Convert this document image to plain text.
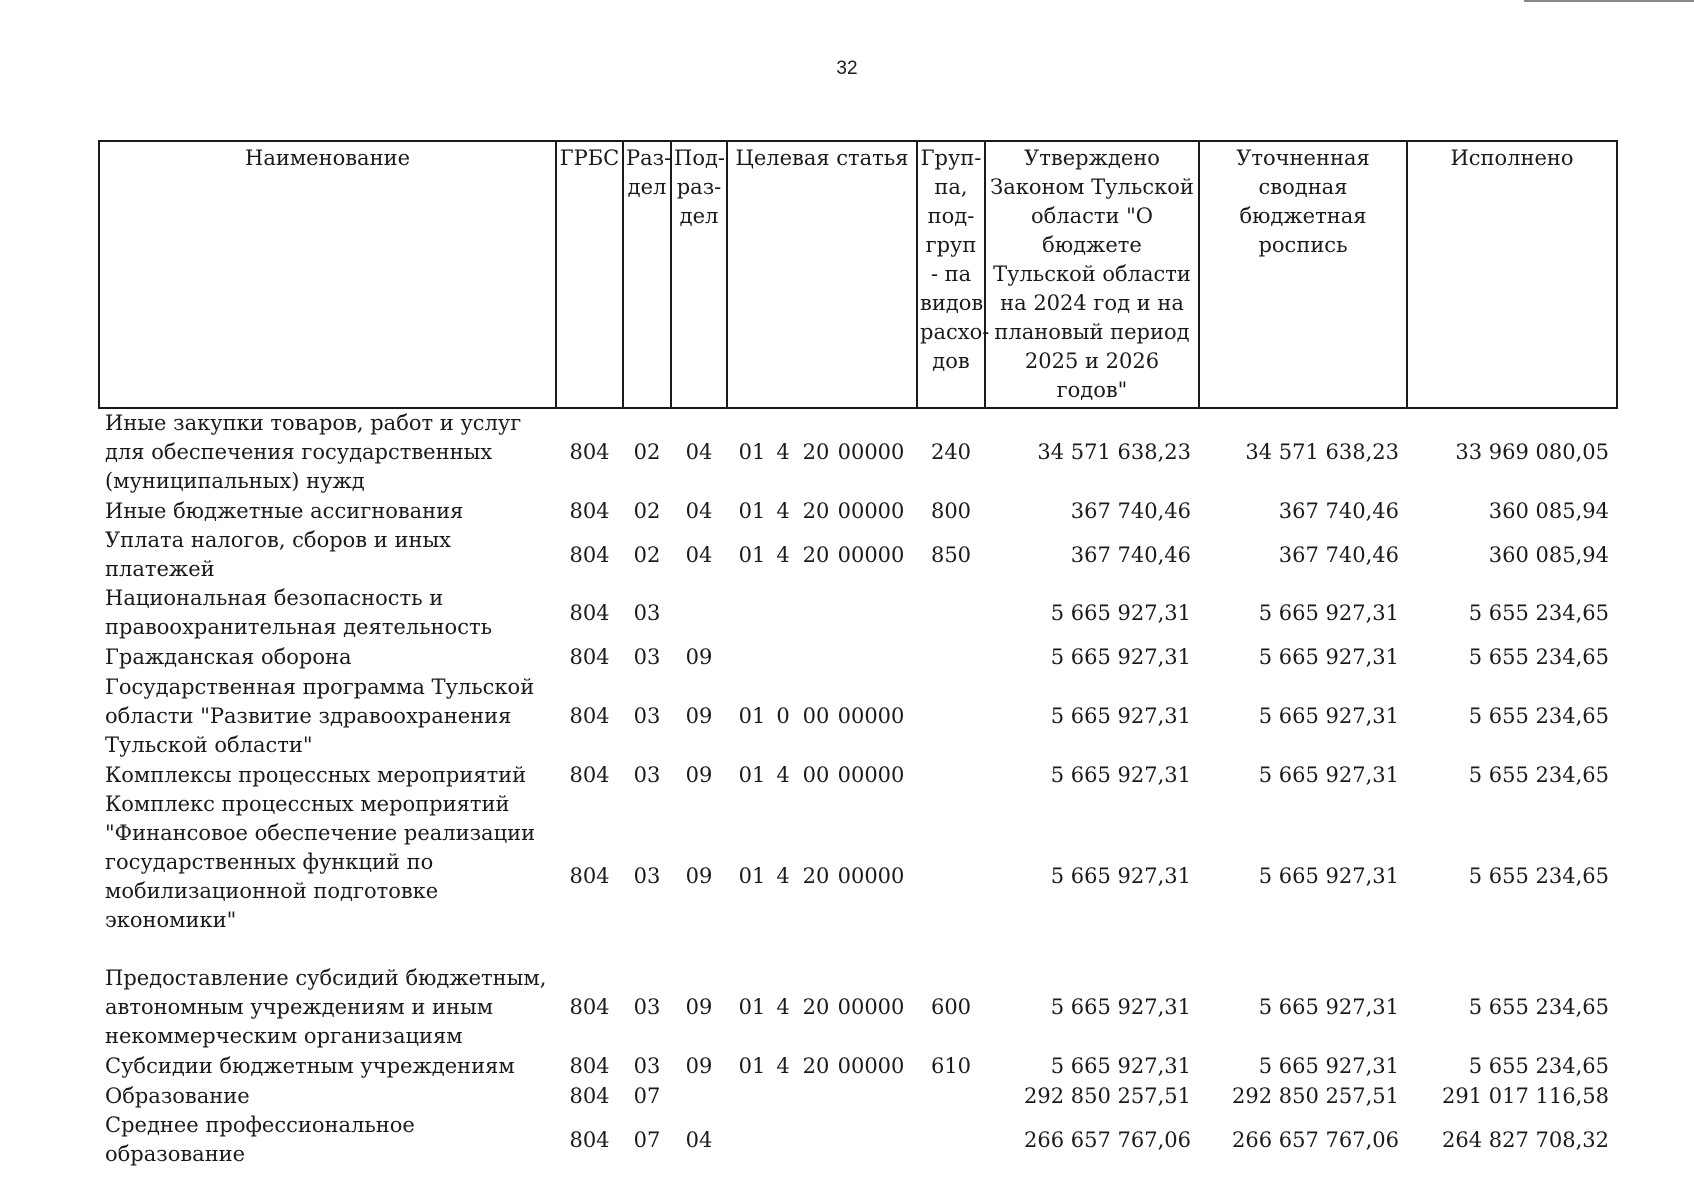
32
Наименование	ГРБС	Раз- дел	Под- раз- дел	Целевая статья	Груп- па, под- груп - па видов расхо- дов	Утверждено Законом Тульской области "О бюджете Тульской области на 2024 год и на плановый период 2025 и 2026 годов"	Уточненная сводная бюджетная роспись	Исполнено
Иные закупки товаров, работ и услуг для обеспечения государственных (муниципальных) нужд	804	02	04	01 4 20 00000	240	34 571 638,23	34 571 638,23	33 969 080,05
Иные бюджетные ассигнования	804	02	04	01 4 20 00000	800	367 740,46	367 740,46	360 085,94
Уплата налогов, сборов и иных платежей	804	02	04	01 4 20 00000	850	367 740,46	367 740,46	360 085,94
Национальная безопасность и правоохранительная деятельность	804	03				5 665 927,31	5 665 927,31	5 655 234,65
Гражданская оборона	804	03	09			5 665 927,31	5 665 927,31	5 655 234,65
Государственная программа Тульской области "Развитие здравоохранения Тульской области"	804	03	09	01 0 00 00000		5 665 927,31	5 665 927,31	5 655 234,65
Комплексы процессных мероприятий	804	03	09	01 4 00 00000		5 665 927,31	5 665 927,31	5 655 234,65
Комплекс процессных мероприятий "Финансовое обеспечение реализации государственных функций по мобилизационной подготовке экономики"	804	03	09	01 4 20 00000		5 665 927,31	5 665 927,31	5 655 234,65
Предоставление субсидий бюджетным, автономным учреждениям и иным некоммерческим организациям	804	03	09	01 4 20 00000	600	5 665 927,31	5 665 927,31	5 655 234,65
Субсидии бюджетным учреждениям	804	03	09	01 4 20 00000	610	5 665 927,31	5 665 927,31	5 655 234,65
Образование	804	07				292 850 257,51	292 850 257,51	291 017 116,58
Среднее профессиональное образование	804	07	04			266 657 767,06	266 657 767,06	264 827 708,32
